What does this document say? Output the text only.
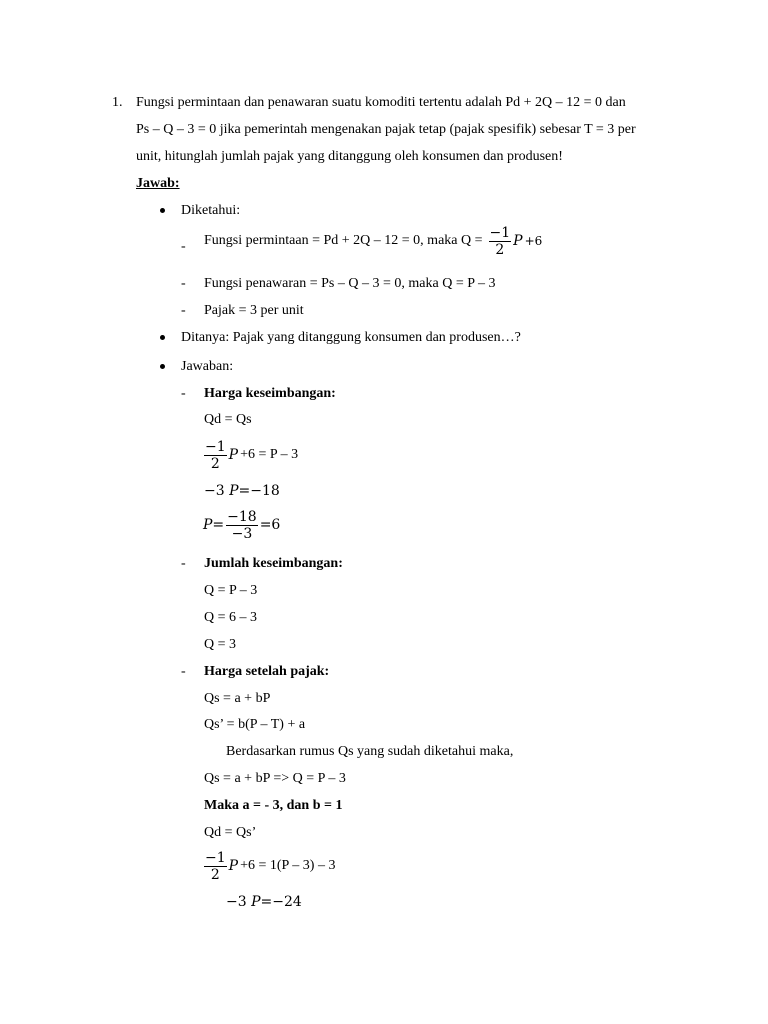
1. Fungsi permintaan dan penawaran suatu komoditi tertentu adalah Pd + 2Q – 12 = 0 dan
Ps – Q – 3 = 0 jika pemerintah mengenakan pajak tetap (pajak spesifik) sebesar T = 3 per
unit, hitunglah jumlah pajak yang ditanggung oleh konsumen dan produsen!
Jawab:
Diketahui:
- Fungsi permintaan = Pd + 2Q – 12 = 0, maka $Q = \frac{-1}{2}$ P +6
- Fungsi penawaran = Ps – Q – 3 = 0, maka Q = P – 3
- Pajak = 3 per unit
Ditanya: Pajak yang ditanggung konsumen dan produsen…?
Jawaban:
- Harga keseimbangan:
Qd = Qs
$\frac{-1}{2}$ P +6 = P – 3
−3 P=−18
$P = \frac{-18}{-3} =6$
- Jumlah keseimbangan:
Q = P – 3
Q = 6 – 3
Q = 3
- Harga setelah pajak:
Qs = a + bP
Qs’ = b(P – T) + a
Berdasarkan rumus Qs yang sudah diketahui maka,
Qs = a + bP => Q = P – 3
Maka a = - 3, dan b = 1
Qd = Qs’
$\frac{-1}{2}$ P +6 = 1(P – 3) – 3
−3 P=−24
